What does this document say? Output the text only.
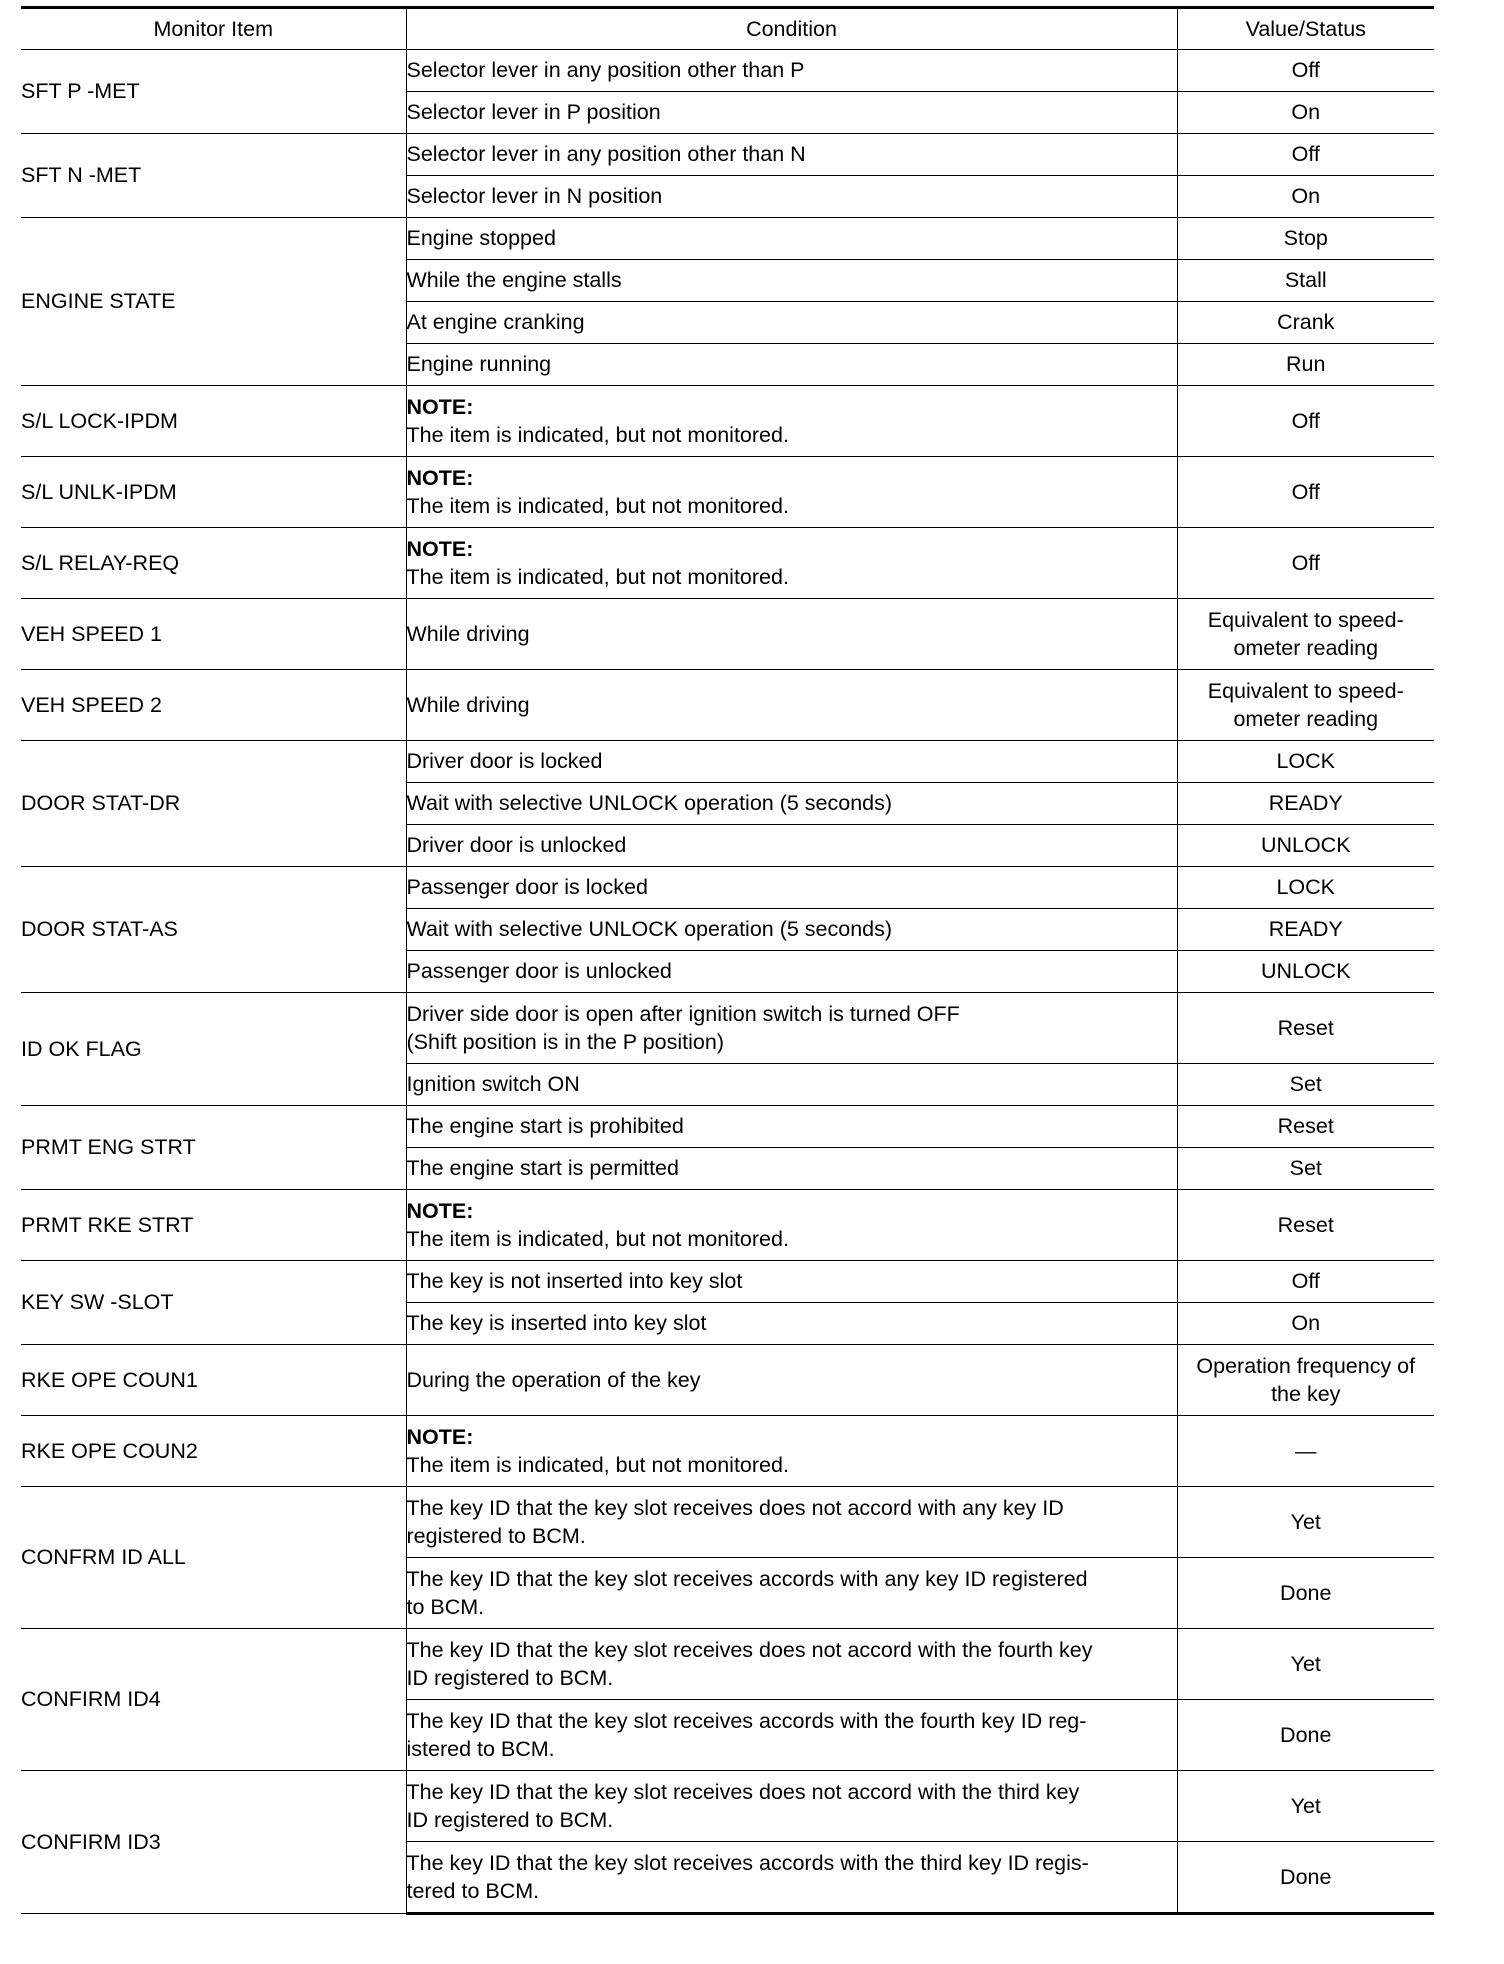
Monitor Item	Condition	Value/Status
SFT P -MET	Selector lever in any position other than P	Off
	Selector lever in P position	On
SFT N -MET	Selector lever in any position other than N	Off
	Selector lever in N position	On
ENGINE STATE	Engine stopped	Stop
	While the engine stalls	Stall
	At engine cranking	Crank
	Engine running	Run
S/L LOCK-IPDM	NOTE:
The item is indicated, but not monitored.	Off
S/L UNLK-IPDM	NOTE:
The item is indicated, but not monitored.	Off
S/L RELAY-REQ	NOTE:
The item is indicated, but not monitored.	Off
VEH SPEED 1	While driving	Equivalent to speed-
ometer reading
VEH SPEED 2	While driving	Equivalent to speed-
ometer reading
DOOR STAT-DR	Driver door is locked	LOCK
	Wait with selective UNLOCK operation (5 seconds)	READY
	Driver door is unlocked	UNLOCK
DOOR STAT-AS	Passenger door is locked	LOCK
	Wait with selective UNLOCK operation (5 seconds)	READY
	Passenger door is unlocked	UNLOCK
ID OK FLAG	Driver side door is open after ignition switch is turned OFF
(Shift position is in the P position)	Reset
	Ignition switch ON	Set
PRMT ENG STRT	The engine start is prohibited	Reset
	The engine start is permitted	Set
PRMT RKE STRT	NOTE:
The item is indicated, but not monitored.	Reset
KEY SW -SLOT	The key is not inserted into key slot	Off
	The key is inserted into key slot	On
RKE OPE COUN1	During the operation of the key	Operation frequency of
the key
RKE OPE COUN2	NOTE:
The item is indicated, but not monitored.	—
CONFRM ID ALL	The key ID that the key slot receives does not accord with any key ID
registered to BCM.	Yet
	The key ID that the key slot receives accords with any key ID registered
to BCM.	Done
CONFIRM ID4	The key ID that the key slot receives does not accord with the fourth key
ID registered to BCM.	Yet
	The key ID that the key slot receives accords with the fourth key ID reg-
istered to BCM.	Done
CONFIRM ID3	The key ID that the key slot receives does not accord with the third key
ID registered to BCM.	Yet
	The key ID that the key slot receives accords with the third key ID regis-
tered to BCM.	Done
